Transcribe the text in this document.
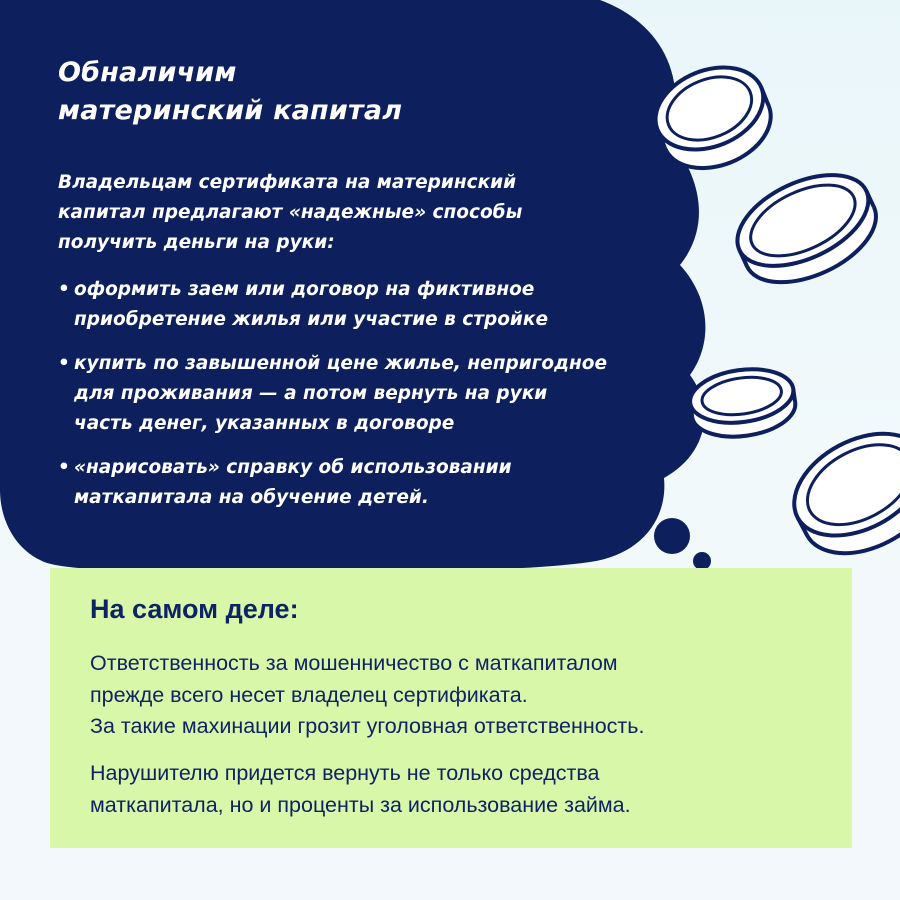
Обналичим
материнский капитал

Владельцам сертификата на материнский
капитал предлагают «надежные» способы
получить деньги на руки:

• оформить заем или договор на фиктивное
приобретение жилья или участие в стройке
• купить по завышенной цене жилье, непригодное
для проживания — а потом вернуть на руки
часть денег, указанных в договоре
• «нарисовать» справку об использовании
маткапитала на обучение детей.
На самом деле:

Ответственность за мошенничество с маткапиталом
прежде всего несет владелец сертификата.
За такие махинации грозит уголовная ответственность.

Нарушителю придется вернуть не только средства
маткапитала, но и проценты за использование займа.
